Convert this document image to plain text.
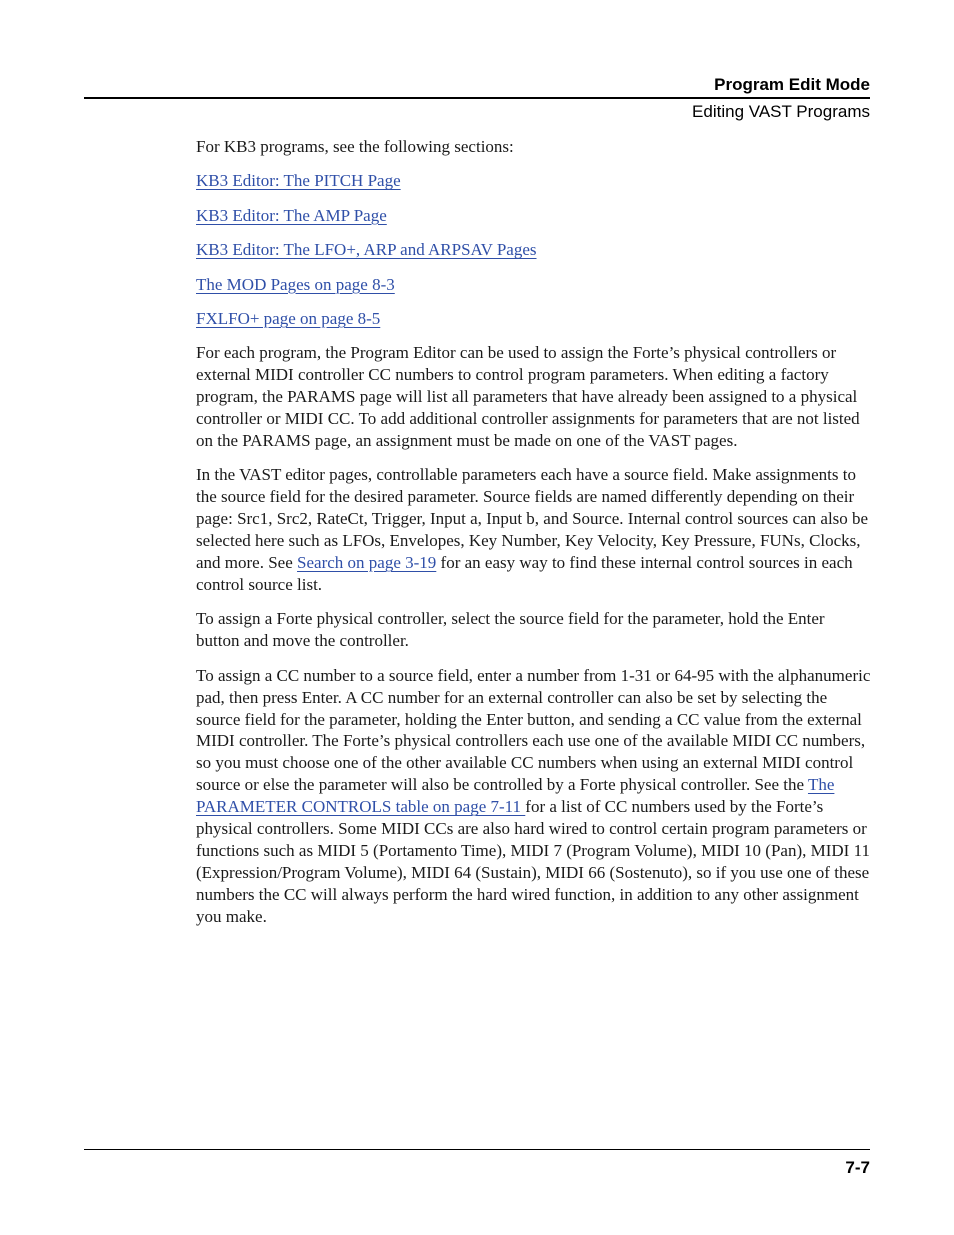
Program Edit Mode
Editing VAST Programs

For KB3 programs, see the following sections:

KB3 Editor: The PITCH Page
KB3 Editor: The AMP Page
KB3 Editor: The LFO+, ARP and ARPSAV Pages
The MOD Pages on page 8-3
FXLFO+ page on page 8-5

For each program, the Program Editor can be used to assign the Forte’s physical controllers or external MIDI controller CC numbers to control program parameters. When editing a factory program, the PARAMS page will list all parameters that have already been assigned to a physical controller or MIDI CC. To add additional controller assignments for parameters that are not listed on the PARAMS page, an assignment must be made on one of the VAST pages.

In the VAST editor pages, controllable parameters each have a source field. Make assignments to the source field for the desired parameter. Source fields are named differently depending on their page: Src1, Src2, RateCt, Trigger, Input a, Input b, and Source. Internal control sources can also be selected here such as LFOs, Envelopes, Key Number, Key Velocity, Key Pressure, FUNs, Clocks, and more. See Search on page 3-19 for an easy way to find these internal control sources in each control source list.

To assign a Forte physical controller, select the source field for the parameter, hold the Enter button and move the controller.

To assign a CC number to a source field, enter a number from 1-31 or 64-95 with the alphanumeric pad, then press Enter. A CC number for an external controller can also be set by selecting the source field for the parameter, holding the Enter button, and sending a CC value from the external MIDI controller. The Forte’s physical controllers each use one of the available MIDI CC numbers, so you must choose one of the other available CC numbers when using an external MIDI control source or else the parameter will also be controlled by a Forte physical controller. See the The PARAMETER CONTROLS table on page 7-11 for a list of CC numbers used by the Forte’s physical controllers. Some MIDI CCs are also hard wired to control certain program parameters or functions such as MIDI 5 (Portamento Time), MIDI 7 (Program Volume), MIDI 10 (Pan), MIDI 11 (Expression/Program Volume), MIDI 64 (Sustain), MIDI 66 (Sostenuto), so if you use one of these numbers the CC will always perform the hard wired function, in addition to any other assignment you make.

7-7
